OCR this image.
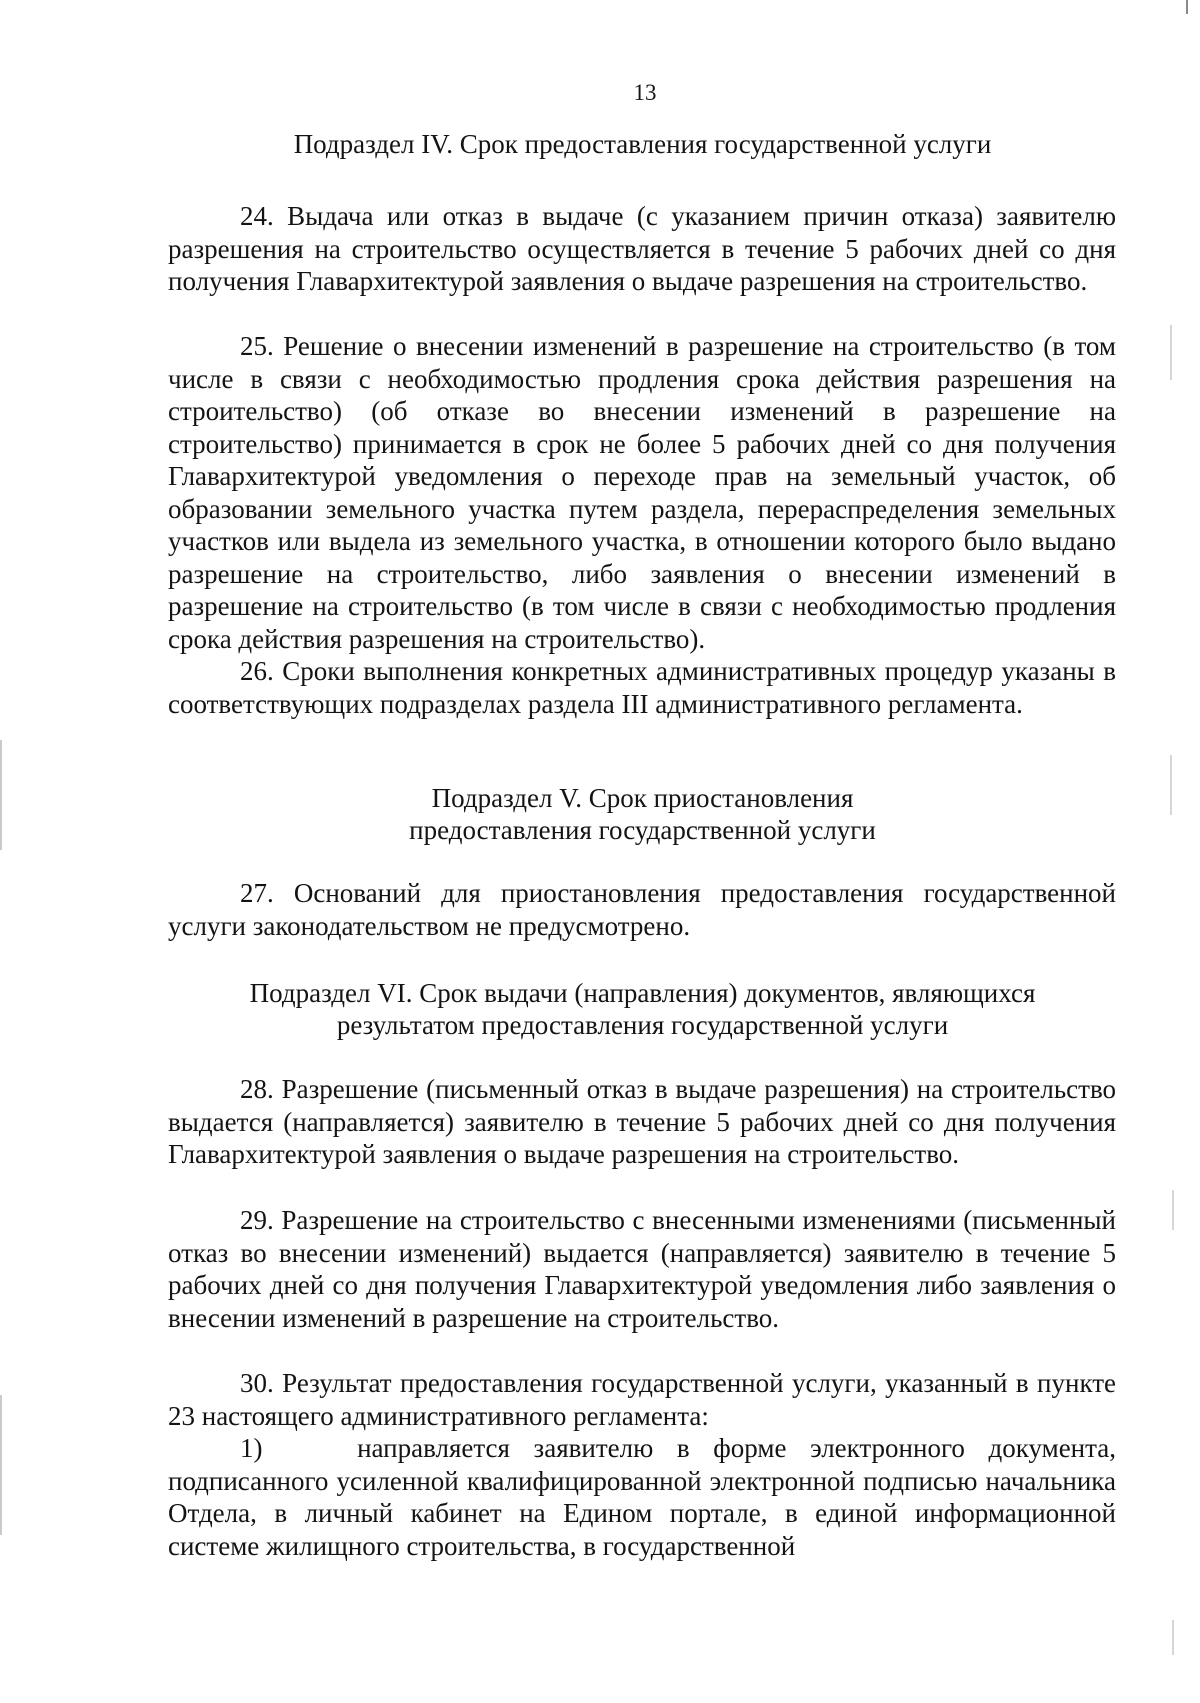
13
Подраздел IV. Срок предоставления государственной услуги

24. Выдача или отказ в выдаче (с указанием причин отказа) заявителю разрешения на строительство осуществляется в течение 5 рабочих дней со дня получения Главархитектурой заявления о выдаче разрешения на строительство.

25. Решение о внесении изменений в разрешение на строительство (в том числе в связи с необходимостью продления срока действия разрешения на строительство) (об отказе во внесении изменений в разрешение на строительство) принимается в срок не более 5 рабочих дней со дня получения Главархитектурой уведомления о переходе прав на земельный участок, об образовании земельного участка путем раздела, перераспределения земельных участков или выдела из земельного участка, в отношении которого было выдано разрешение на строительство, либо заявления о внесении изменений в разрешение на строительство (в том числе в связи с необходимостью продления срока действия разрешения на строительство).

26. Сроки выполнения конкретных административных процедур указаны в соответствующих подразделах раздела III административного регламента.

Подраздел V. Срок приостановления
предоставления государственной услуги

27. Оснований для приостановления предоставления государственной услуги законодательством не предусмотрено.

Подраздел VI. Срок выдачи (направления) документов, являющихся
результатом предоставления государственной услуги

28. Разрешение (письменный отказ в выдаче разрешения) на строительство выдается (направляется) заявителю в течение 5 рабочих дней со дня получения Главархитектурой заявления о выдаче разрешения на строительство.

29. Разрешение на строительство с внесенными изменениями (письменный отказ во внесении изменений) выдается (направляется) заявителю в течение 5 рабочих дней со дня получения Главархитектурой уведомления либо заявления о внесении изменений в разрешение на строительство.

30. Результат предоставления государственной услуги, указанный в пункте 23 настоящего административного регламента:

1)	направляется заявителю в форме электронного документа, подписанного усиленной квалифицированной электронной подписью начальника Отдела, в личный кабинет на Едином портале, в единой информационной системе жилищного строительства, в государственной
